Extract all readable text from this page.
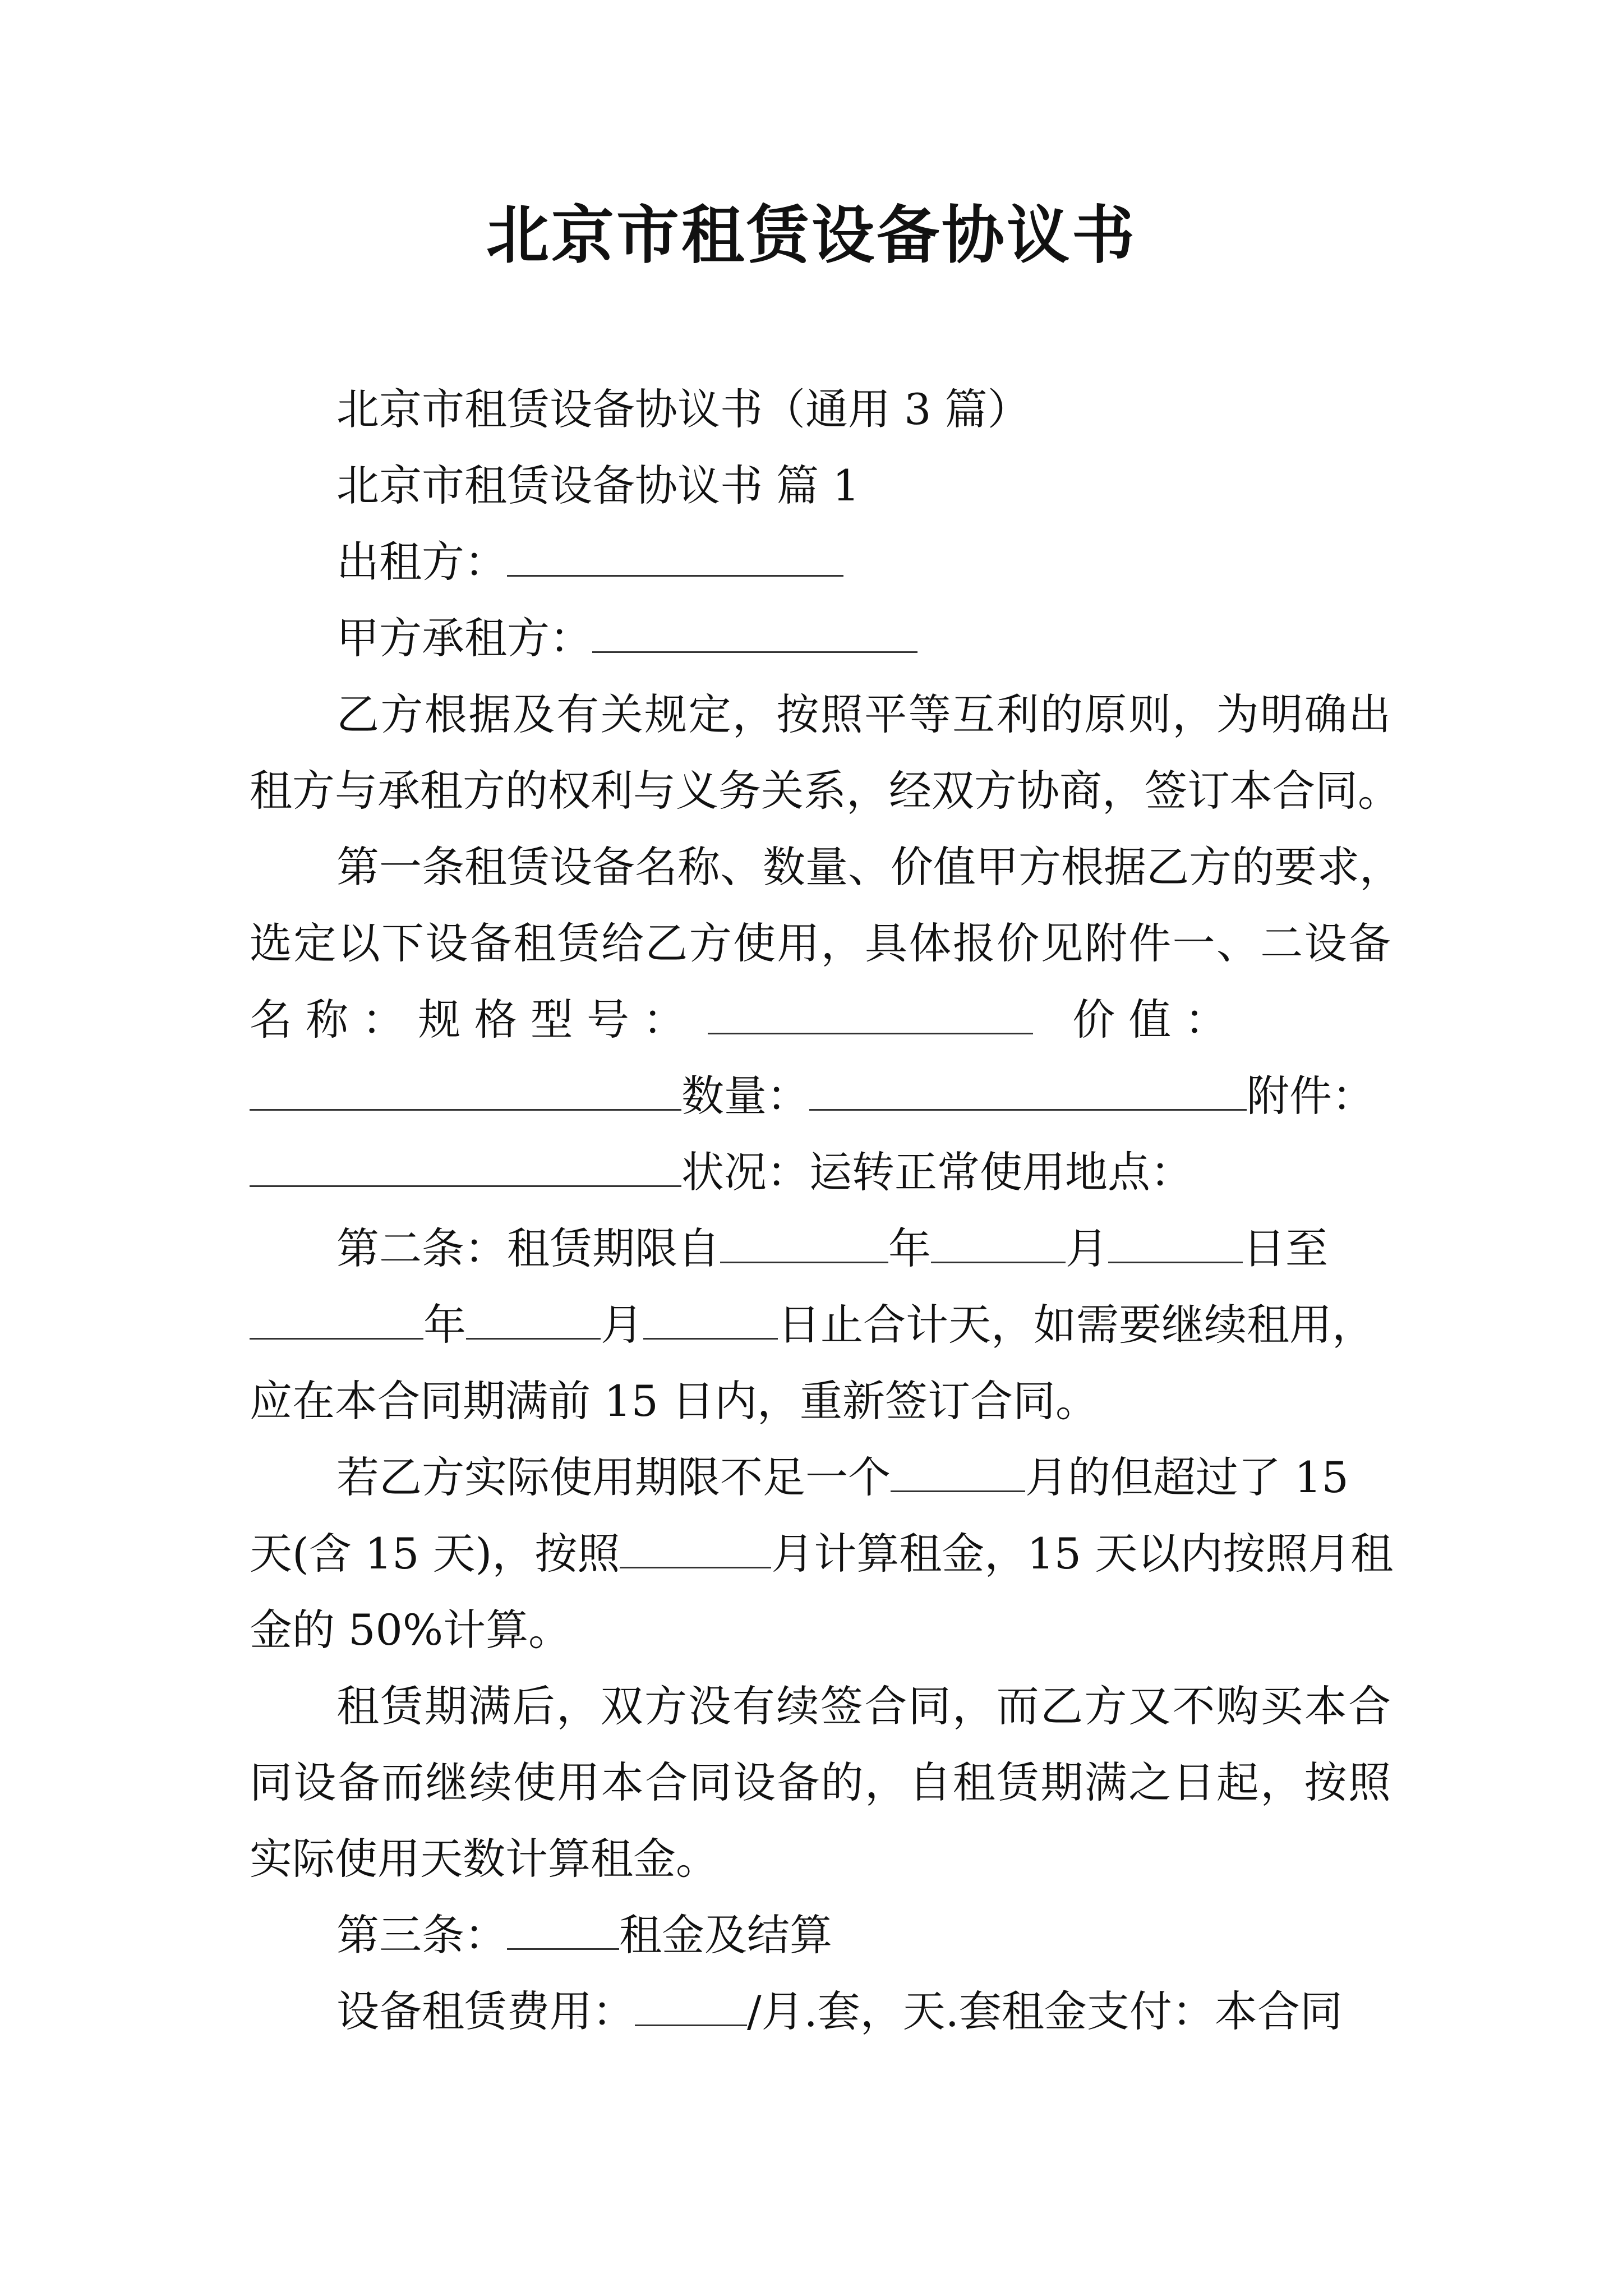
北京市租赁设备协议书

北京市租赁设备协议书（通用 3 篇）

北京市租赁设备协议书 篇 1

出租方：

甲方承租方：

乙方根据及有关规定，按照平等互利的原则，为明确出

租方与承租方的权利与义务关系，经双方协商，签订本合同。

第一条租赁设备名称、数量、价值甲方根据乙方的要求，

选定以下设备租赁给乙方使用，具体报价见附件一、二设备

名 称 ： 规 格 型 号 ：	价 值 ：

数量：	附件：

状况：运转正常使用地点：

第二条：租赁期限自	年	月	日至

年	月	日止合计天，如需要继续租用，

应在本合同期满前 15 日内，重新签订合同。

若乙方实际使用期限不足一个	月的但超过了 15

天(含 15 天)，按照	月计算租金，15 天以内按照月租

金的 50%计算。

租赁期满后，双方没有续签合同，而乙方又不购买本合

同设备而继续使用本合同设备的，自租赁期满之日起，按照

实际使用天数计算租金。

第三条：	租金及结算

设备租赁费用：	/月.套，天.套租金支付：本合同
